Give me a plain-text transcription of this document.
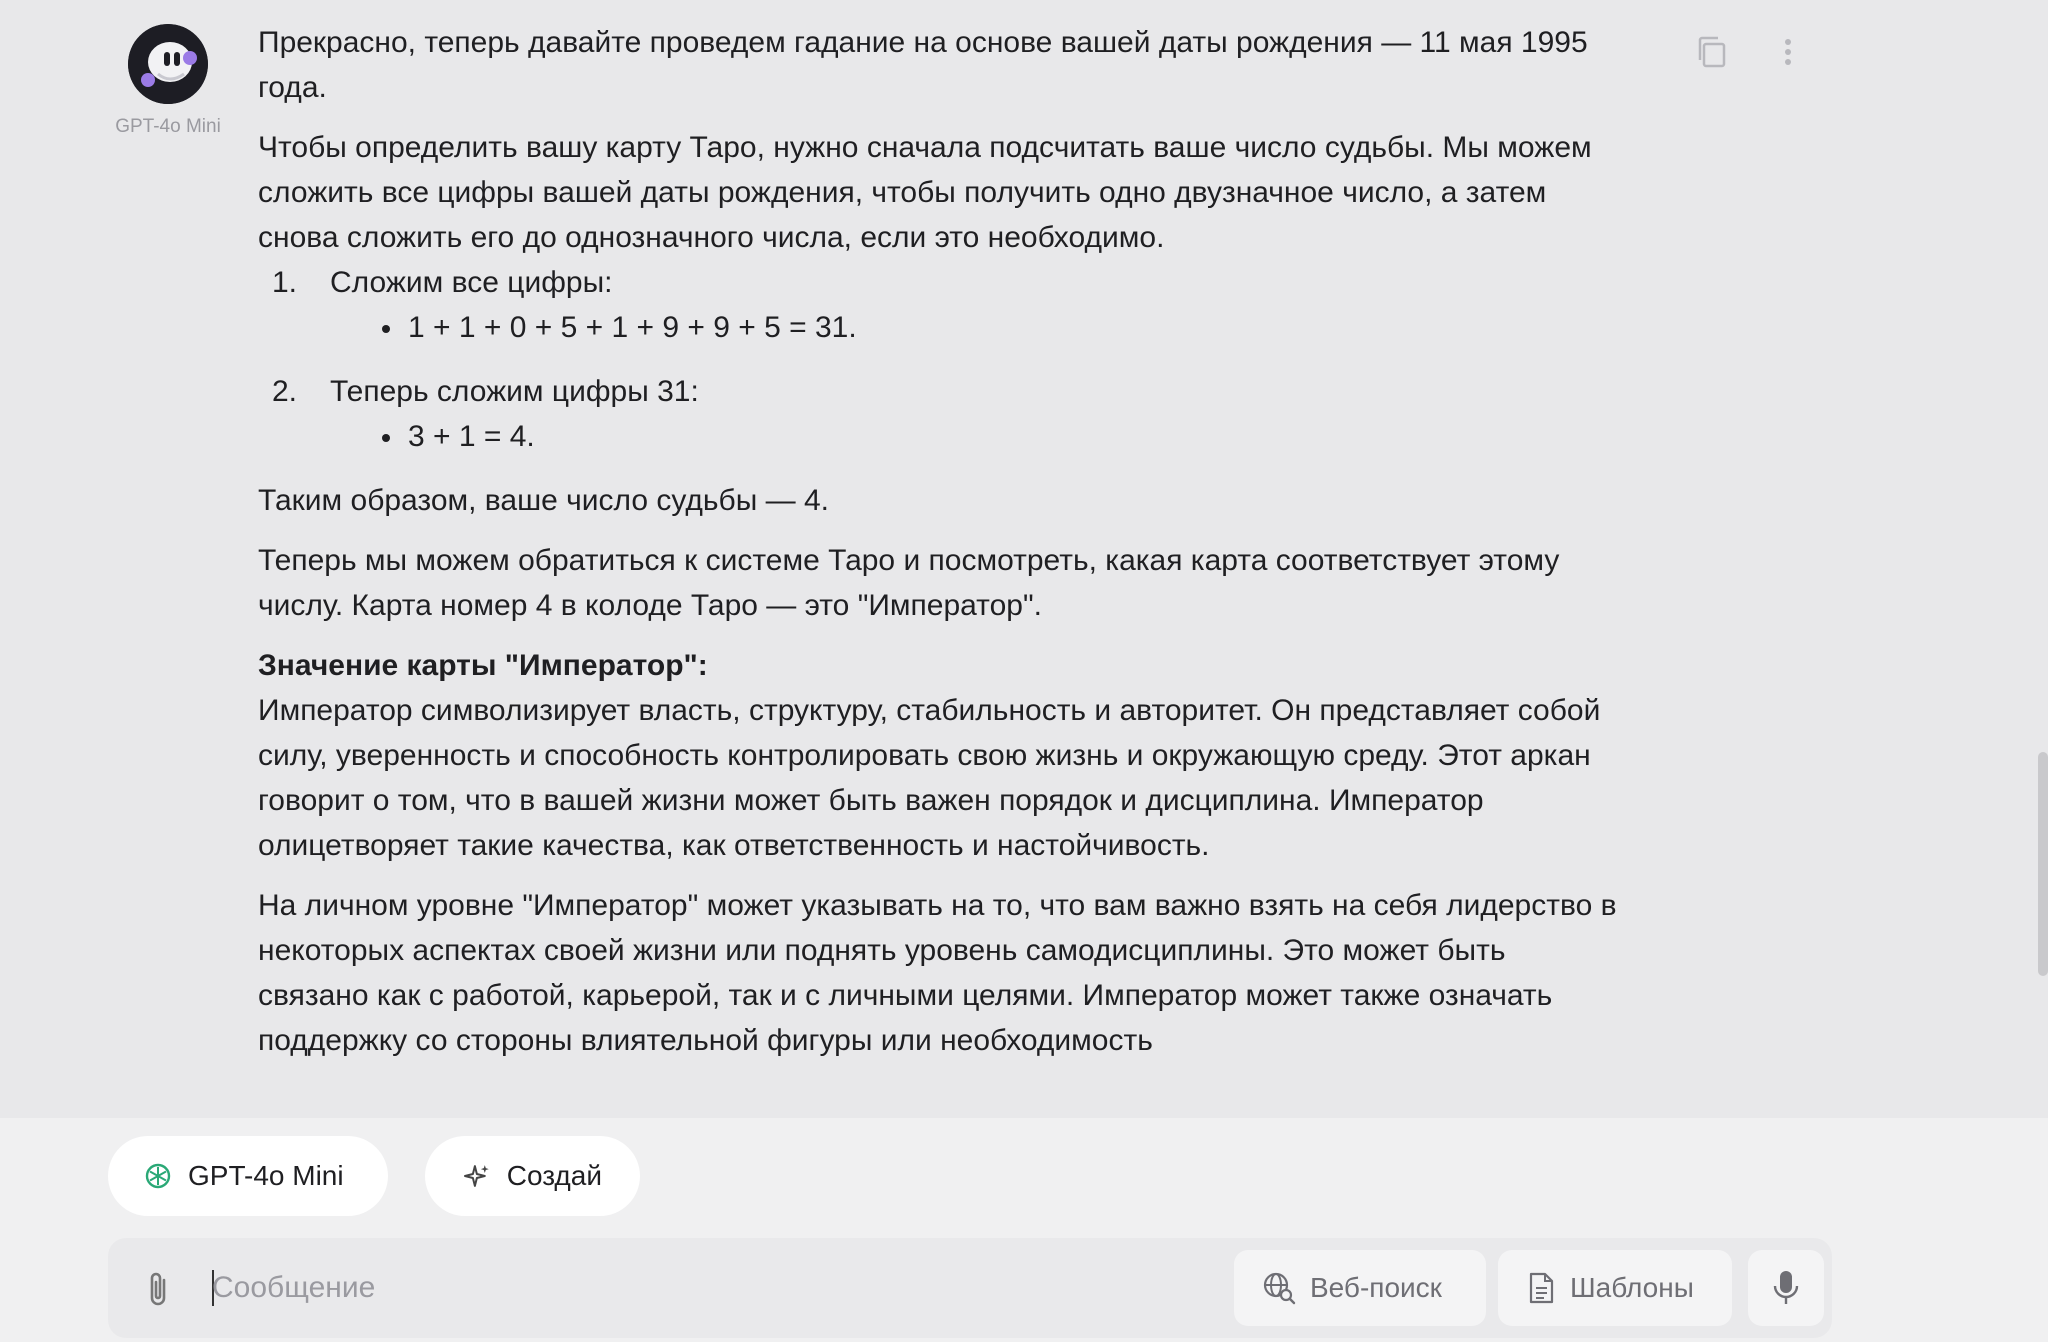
GPT-4o Mini

Прекрасно, теперь давайте проведем гадание на основе вашей даты рождения — 11 мая 1995 года.

Чтобы определить вашу карту Таро, нужно сначала подсчитать ваше число судьбы. Мы можем сложить все цифры вашей даты рождения, чтобы получить одно двузначное число, а затем снова сложить его до однозначного числа, если это необходимо.

1. Сложим все цифры:
1 + 1 + 0 + 5 + 1 + 9 + 9 + 5 = 31.
2. Теперь сложим цифры 31:
3 + 1 = 4.

Таким образом, ваше число судьбы — 4.

Теперь мы можем обратиться к системе Таро и посмотреть, какая карта соответствует этому числу. Карта номер 4 в колоде Таро — это "Император".

Значение карты "Император":
Император символизирует власть, структуру, стабильность и авторитет. Он представляет собой силу, уверенность и способность контролировать свою жизнь и окружающую среду. Этот аркан говорит о том, что в вашей жизни может быть важен порядок и дисциплина. Император олицетворяет такие качества, как ответственность и настойчивость.

На личном уровне "Император" может указывать на то, что вам важно взять на себя лидерство в некоторых аспектах своей жизни или поднять уровень самодисциплины. Это может быть связано как с работой, карьерой, так и с личными целями. Император может также означать поддержку со стороны влиятельной фигуры или необходимость

GPT-4o Mini	Создай
Сообщение
Веб-поиск	Шаблоны
